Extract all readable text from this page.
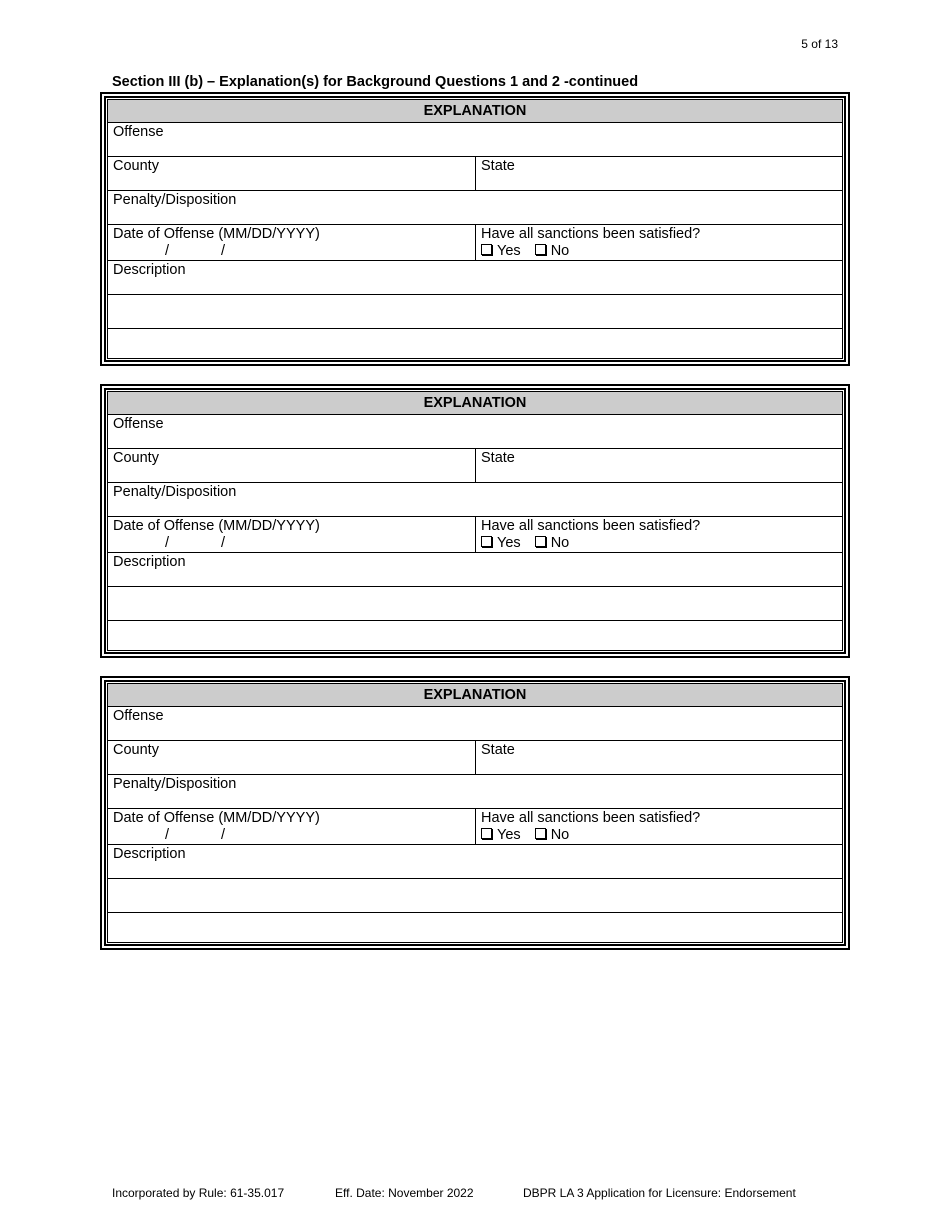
5 of 13
Section III (b) – Explanation(s) for Background Questions 1 and 2 -continued
EXPLANATION
Offense
County	State
Penalty/Disposition
Date of Offense (MM/DD/YYYY)
/	/
Have all sanctions been satisfied?
Yes No
Description
EXPLANATION
Offense
County	State
Penalty/Disposition
Date of Offense (MM/DD/YYYY)
/	/
Have all sanctions been satisfied?
Yes No
Description
EXPLANATION
Offense
County	State
Penalty/Disposition
Date of Offense (MM/DD/YYYY)
/	/
Have all sanctions been satisfied?
Yes No
Description
Incorporated by Rule: 61-35.017	Eff. Date: November 2022	DBPR LA 3 Application for Licensure: Endorsement
